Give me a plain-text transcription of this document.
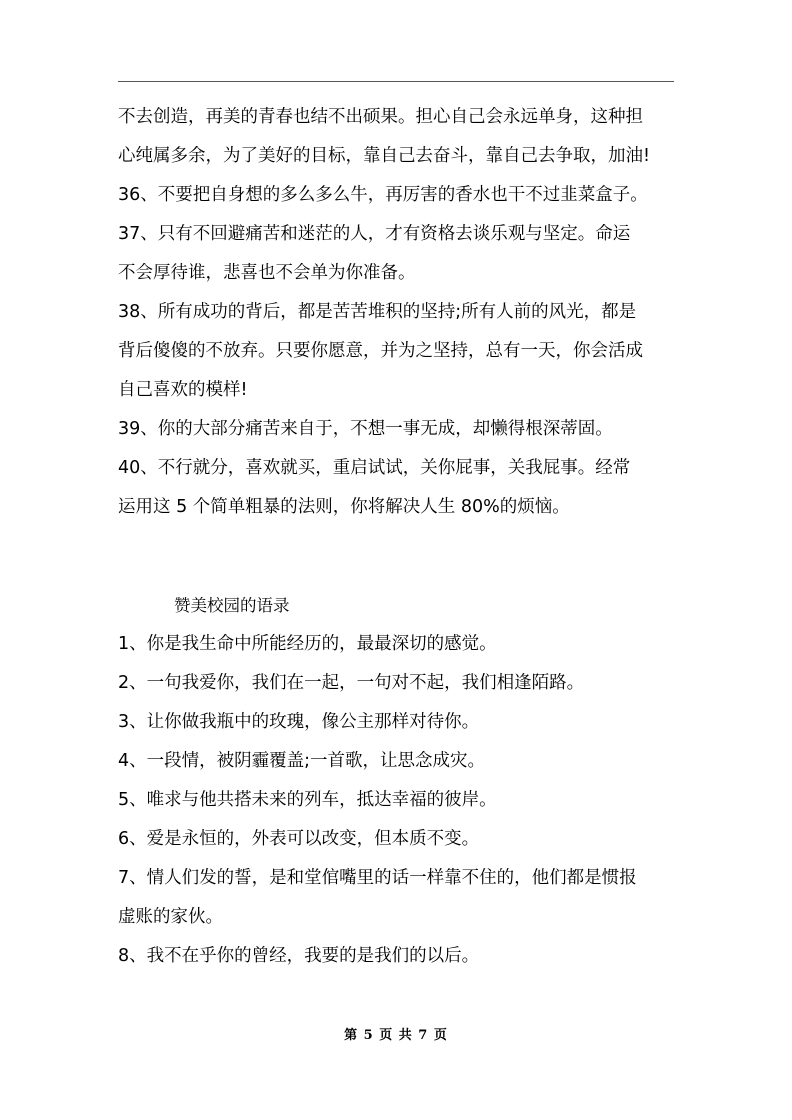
不去创造，再美的青春也结不出硕果。担心自己会永远单身，这种担
心纯属多余，为了美好的目标，靠自己去奋斗，靠自己去争取，加油!
36、不要把自身想的多么多么牛，再厉害的香水也干不过韭菜盒子。
37、只有不回避痛苦和迷茫的人，才有资格去谈乐观与坚定。命运
不会厚待谁，悲喜也不会单为你准备。
38、所有成功的背后，都是苦苦堆积的坚持;所有人前的风光，都是
背后傻傻的不放弃。只要你愿意，并为之坚持，总有一天，你会活成
自己喜欢的模样!
39、你的大部分痛苦来自于，不想一事无成，却懒得根深蒂固。
40、不行就分，喜欢就买，重启试试，关你屁事，关我屁事。经常
运用这 5 个简单粗暴的法则，你将解决人生 80%的烦恼。
赞美校园的语录
1、你是我生命中所能经历的，最最深切的感觉。
2、一句我爱你，我们在一起，一句对不起，我们相逢陌路。
3、让你做我瓶中的玫瑰，像公主那样对待你。
4、一段情，被阴霾覆盖;一首歌，让思念成灾。
5、唯求与他共搭未来的列车，抵达幸福的彼岸。
6、爱是永恒的，外表可以改变，但本质不变。
7、情人们发的誓，是和堂倌嘴里的话一样靠不住的，他们都是惯报
虚账的家伙。
8、我不在乎你的曾经，我要的是我们的以后。
第 5 页 共 7 页
